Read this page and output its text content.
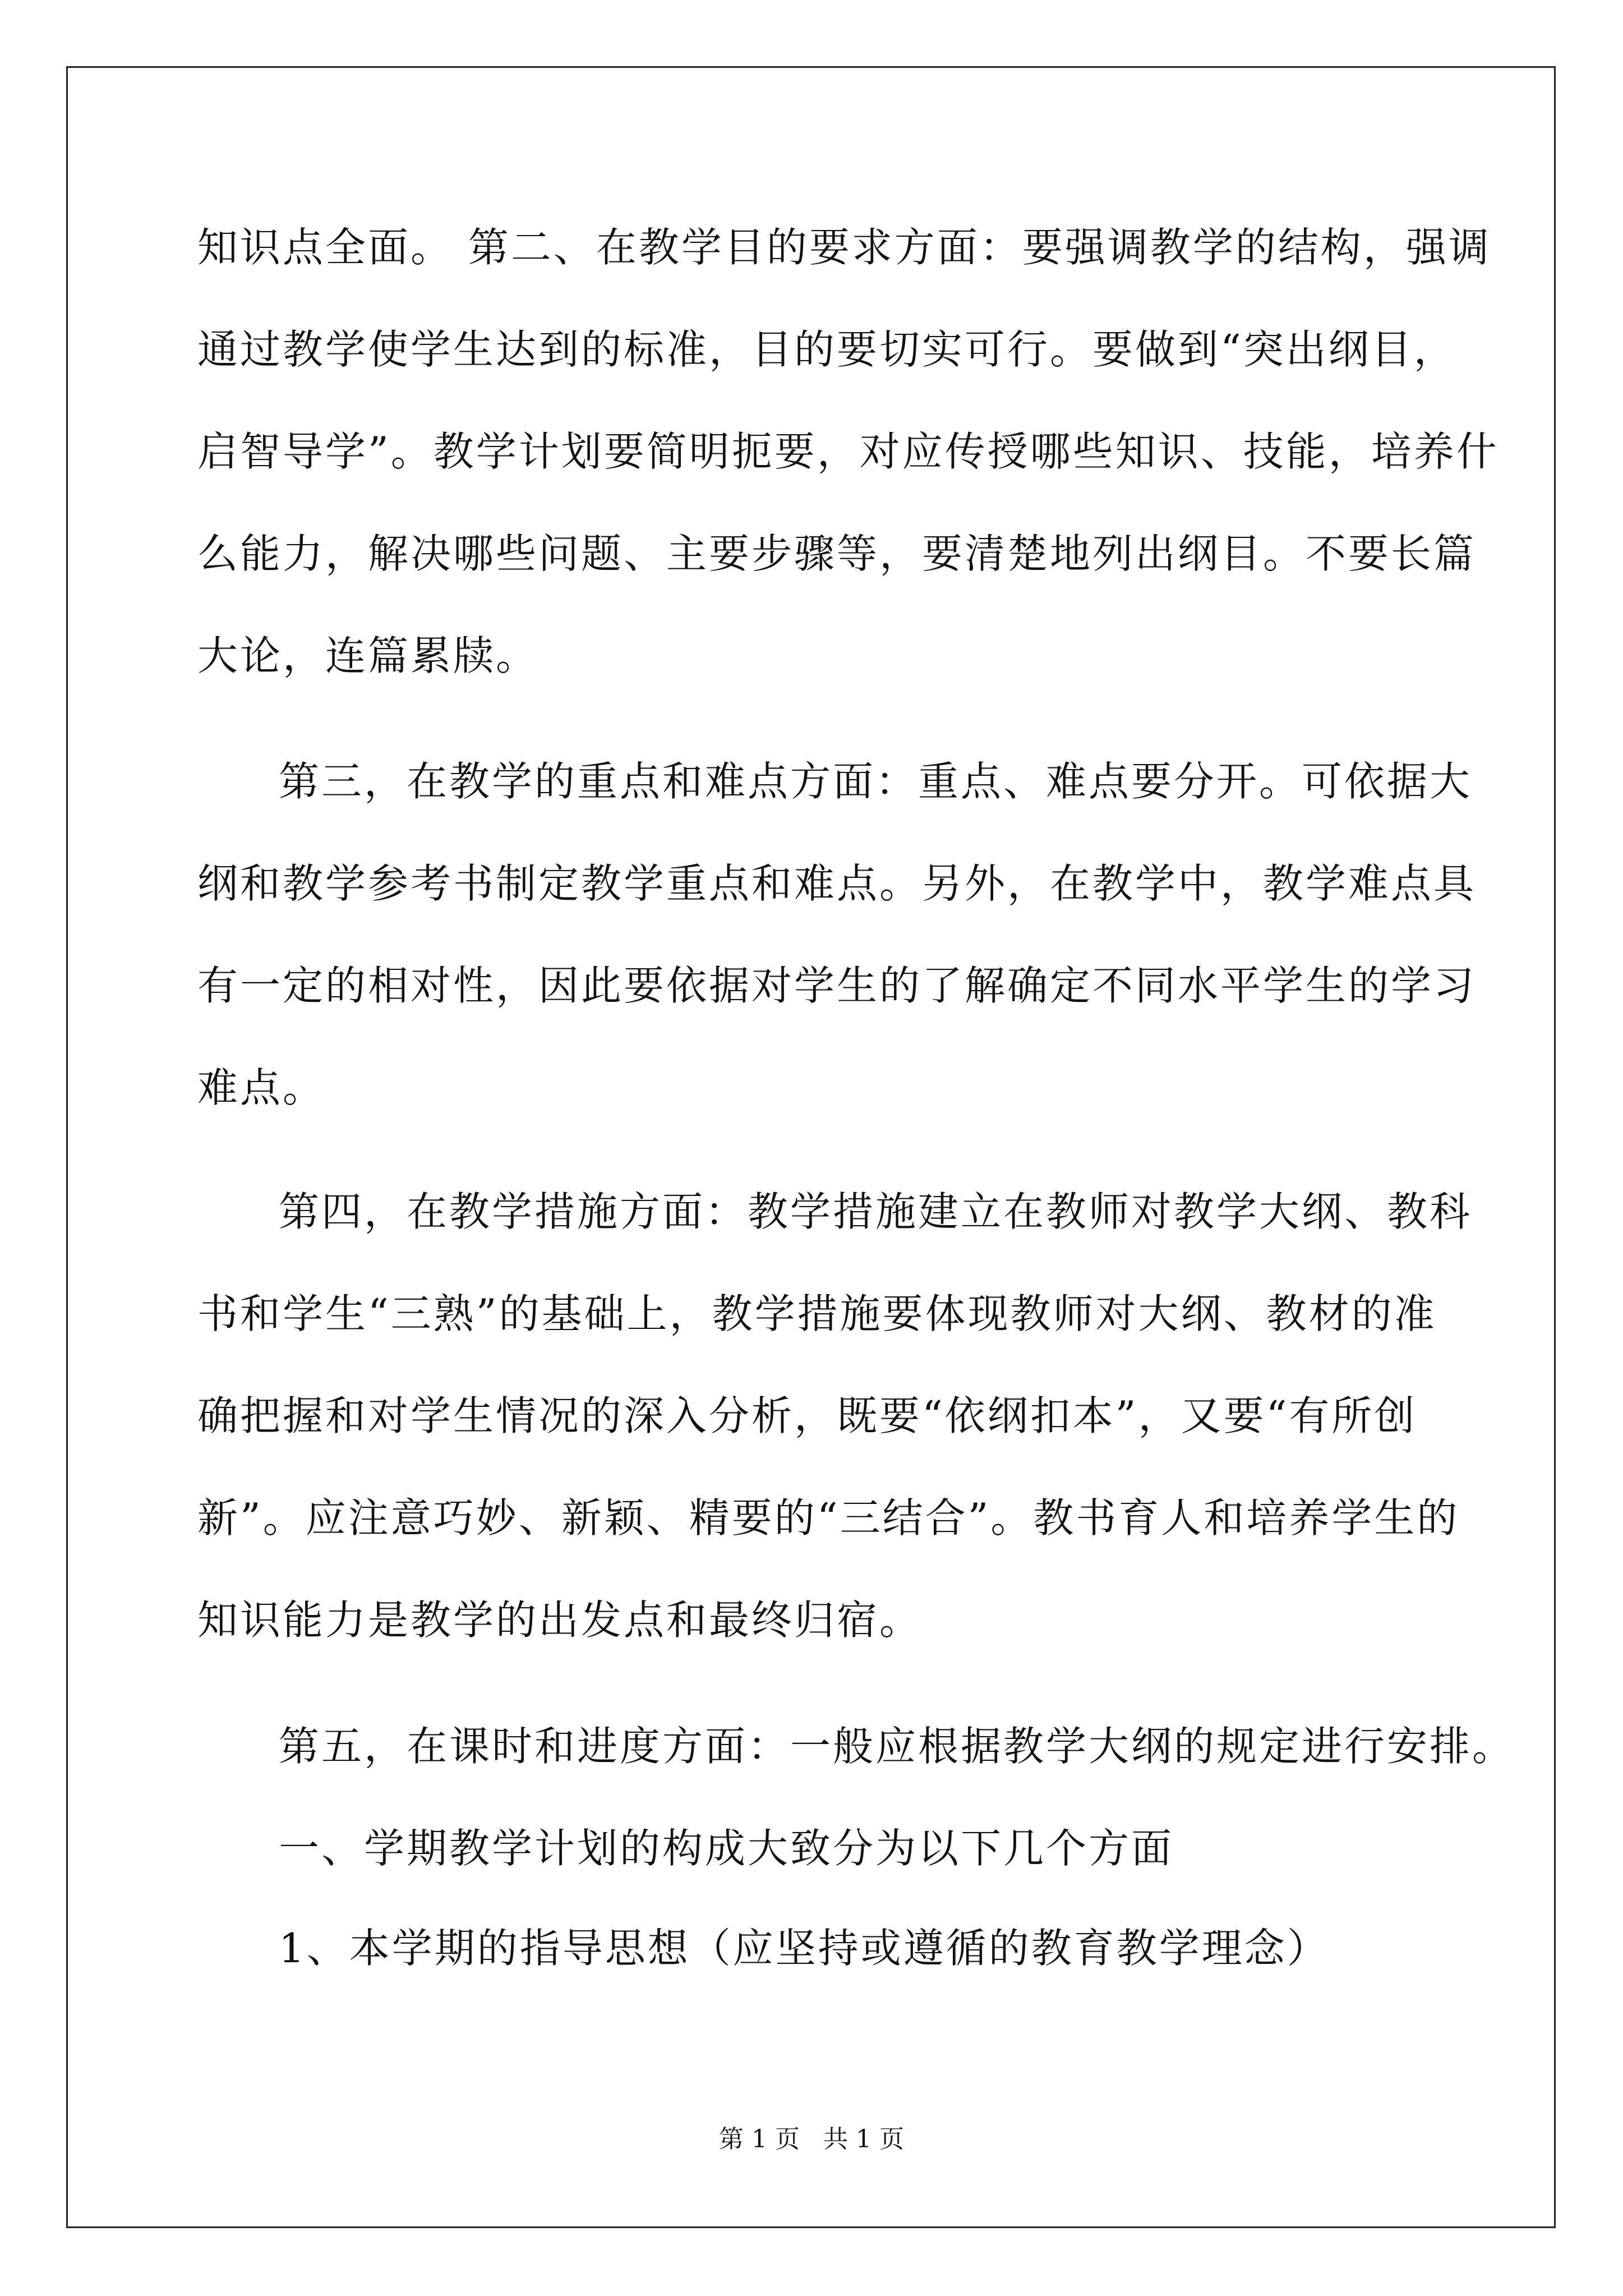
知识点全面。 第二、在教学目的要求方面：要强调教学的结构，强调
通过教学使学生达到的标准，目的要切实可行。要做到“突出纲目，
启智导学”。教学计划要简明扼要，对应传授哪些知识、技能，培养什
么能力，解决哪些问题、主要步骤等，要清楚地列出纲目。不要长篇
大论，连篇累牍。
第三，在教学的重点和难点方面：重点、难点要分开。可依据大
纲和教学参考书制定教学重点和难点。另外，在教学中，教学难点具
有一定的相对性，因此要依据对学生的了解确定不同水平学生的学习
难点。
第四，在教学措施方面：教学措施建立在教师对教学大纲、教科
书和学生“三熟”的基础上，教学措施要体现教师对大纲、教材的准
确把握和对学生情况的深入分析，既要“依纲扣本”，又要“有所创
新”。应注意巧妙、新颖、精要的“三结合”。教书育人和培养学生的
知识能力是教学的出发点和最终归宿。
第五，在课时和进度方面：一般应根据教学大纲的规定进行安排。
一、学期教学计划的构成大致分为以下几个方面
1、本学期的指导思想（应坚持或遵循的教育教学理念）
第 1 页   共 1 页
